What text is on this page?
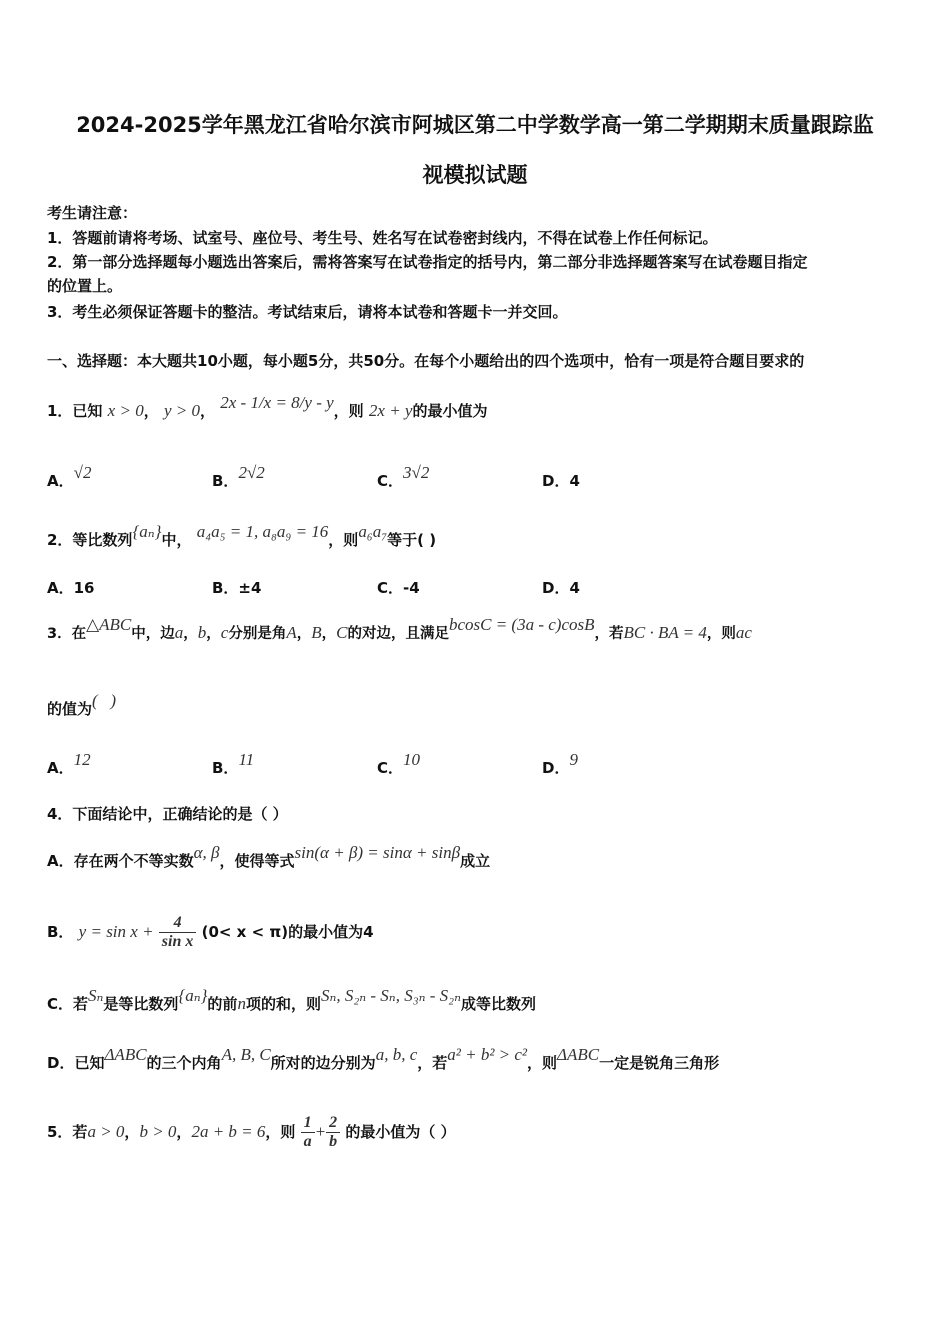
2024-2025学年黑龙江省哈尔滨市阿城区第二中学数学高一第二学期期末质量跟踪监
视模拟试题
考生请注意：
1．答题前请将考场、试室号、座位号、考生号、姓名写在试卷密封线内，不得在试卷上作任何标记。
2．第一部分选择题每小题选出答案后，需将答案写在试卷指定的括号内，第二部分非选择题答案写在试卷题目指定
的位置上。
3．考生必须保证答题卡的整洁。考试结束后，请将本试卷和答题卡一并交回。
一、选择题：本大题共10小题，每小题5分，共50分。在每个小题给出的四个选项中，恰有一项是符合题目要求的
1．已知 x > 0， y > 0， 2x - 1/x = 8/y - y，则 2x + y的最小值为
A．√2	B．2√2	C．3√2	D．4
2．等比数列{aₙ}中， a₄a₅ = 1, a₈a₉ = 16，则a₆a₇等于( )
A．16	B．±4	C．-4	D．4
3．在△ABC中，边a，b，c分别是角A，B，C的对边，且满足bcosC = (3a - c)cosB，若BC · BA = 4，则ac
的值为( ‌ ‌ )
A．12	B．11	C．10	D．9
4．下面结论中，正确结论的是（ ）
A．存在两个不等实数α, β，使得等式sin(α + β) = sinα + sinβ成立
B． $y = \sin x + \frac{4}{\text{sin x}} (0< x < \pi)$的最小值为4
C．若Sₙ是等比数列{aₙ}的前n项的和，则Sₙ, S₂ₙ - Sₙ, S₃ₙ - S₂ₙ成等比数列
D．已知ΔABC的三个内角A, B, C所对的边分别为a, b, c，若a² + b² > c²，则ΔABC一定是锐角三角形
5．若a > 0，b > 0，2a + b = 6，则 $\frac{1}{a} + \frac{2}{b}$ 的最小值为（ ）
